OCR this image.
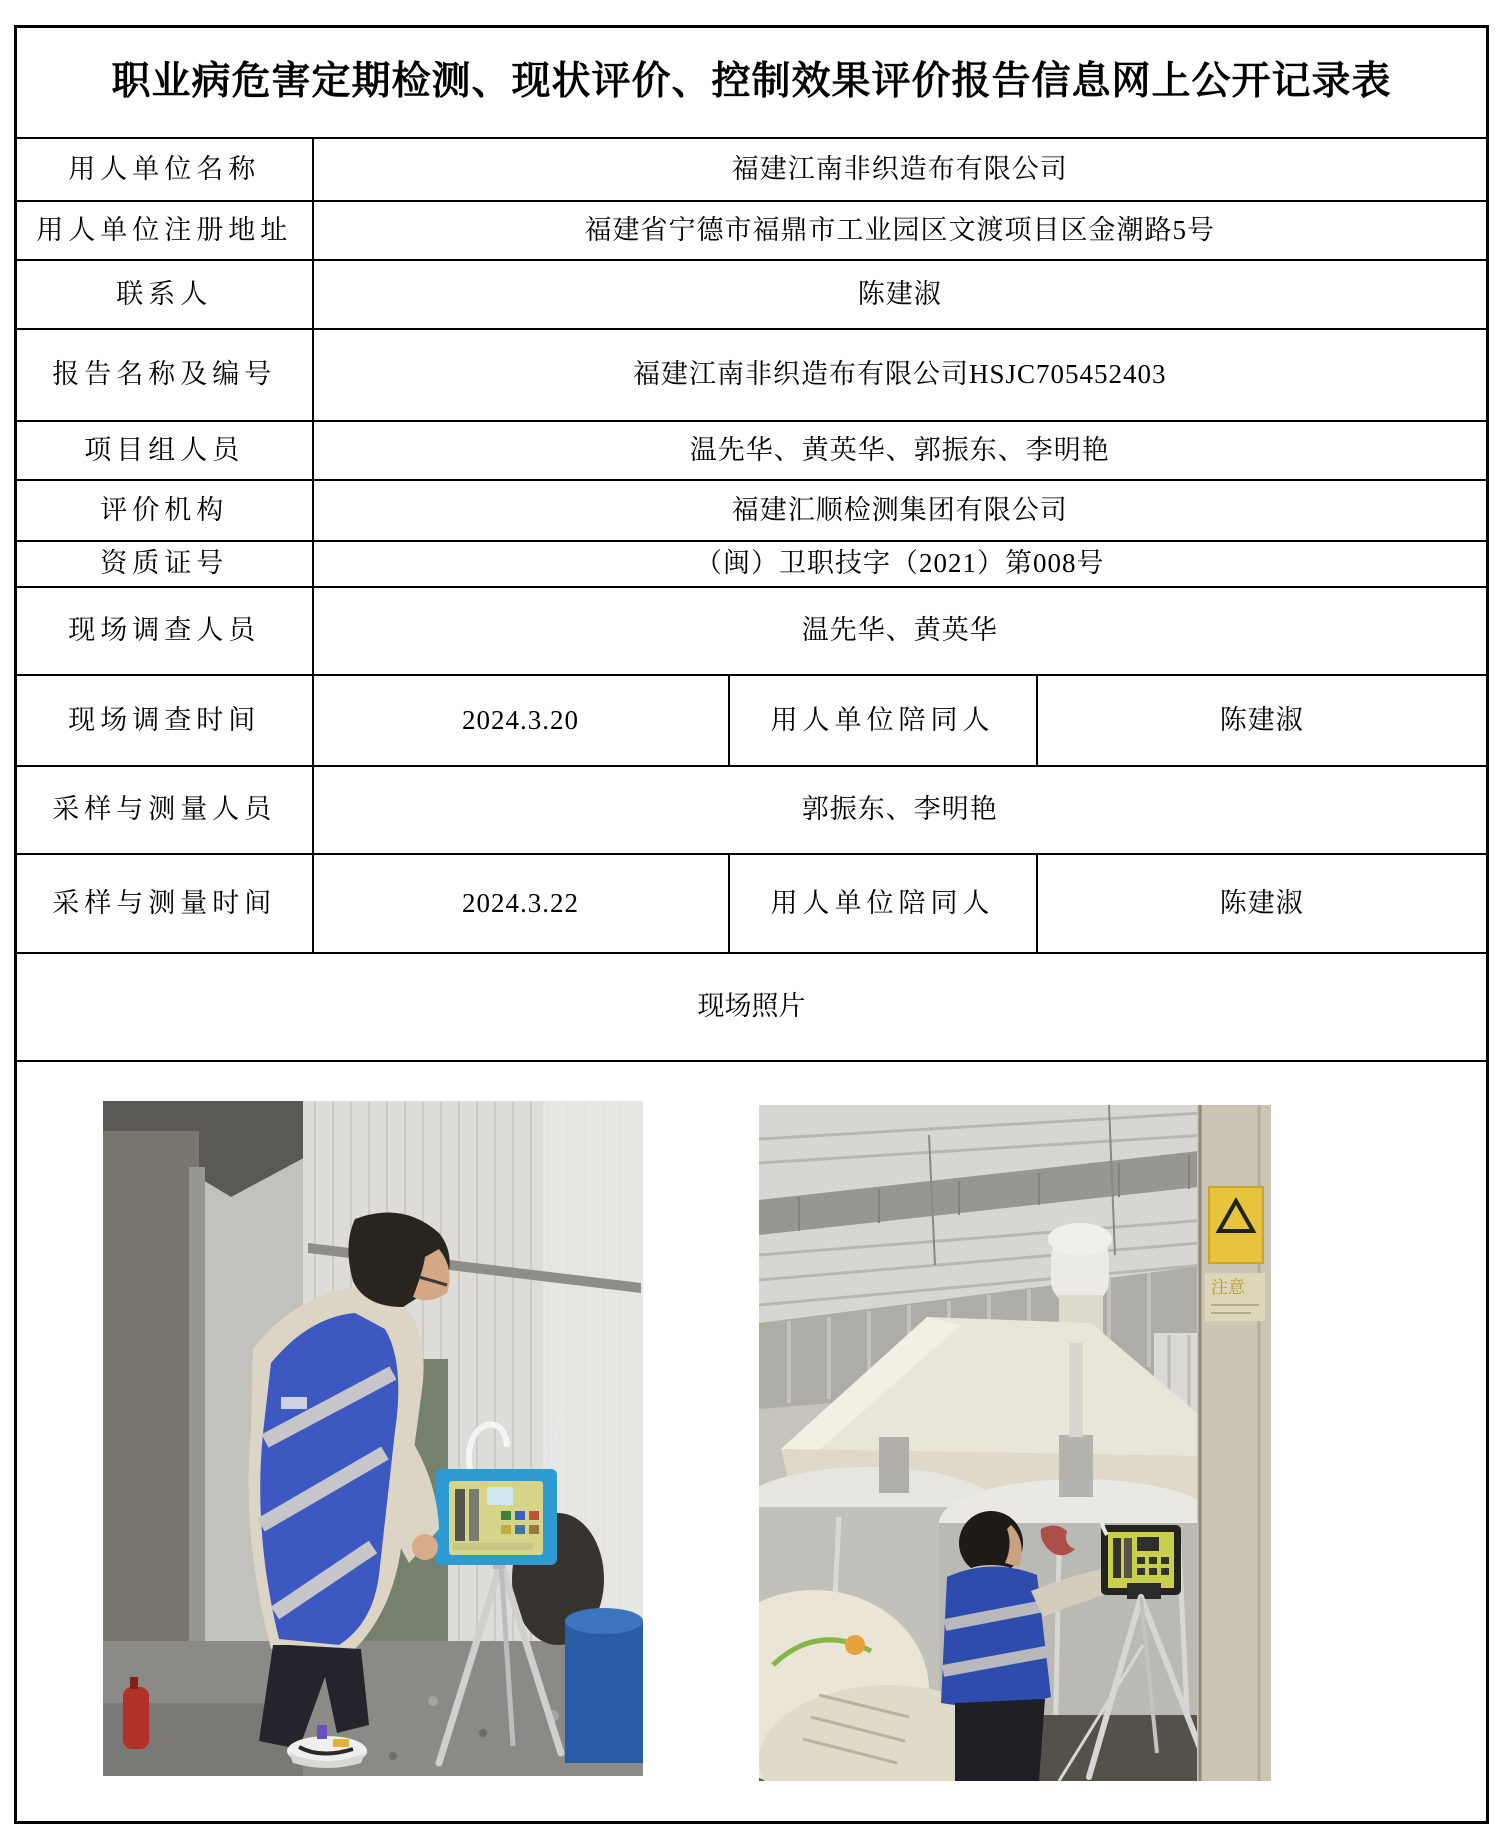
职业病危害定期检测、现状评价、控制效果评价报告信息网上公开记录表			
用人单位名称	福建江南非织造布有限公司		
用人单位注册地址	福建省宁德市福鼎市工业园区文渡项目区金潮路5号		
联系人	陈建淑		
报告名称及编号	福建江南非织造布有限公司HSJC705452403		
项目组人员	温先华、黄英华、郭振东、李明艳		
评价机构	福建汇顺检测集团有限公司		
资质证号	（闽）卫职技字（2021）第008号		
现场调查人员	温先华、黄英华		
现场调查时间	2024.3.20	用人单位陪同人	陈建淑
采样与测量人员	郭振东、李明艳		
采样与测量时间	2024.3.22	用人单位陪同人	陈建淑
现场照片			

注意			
